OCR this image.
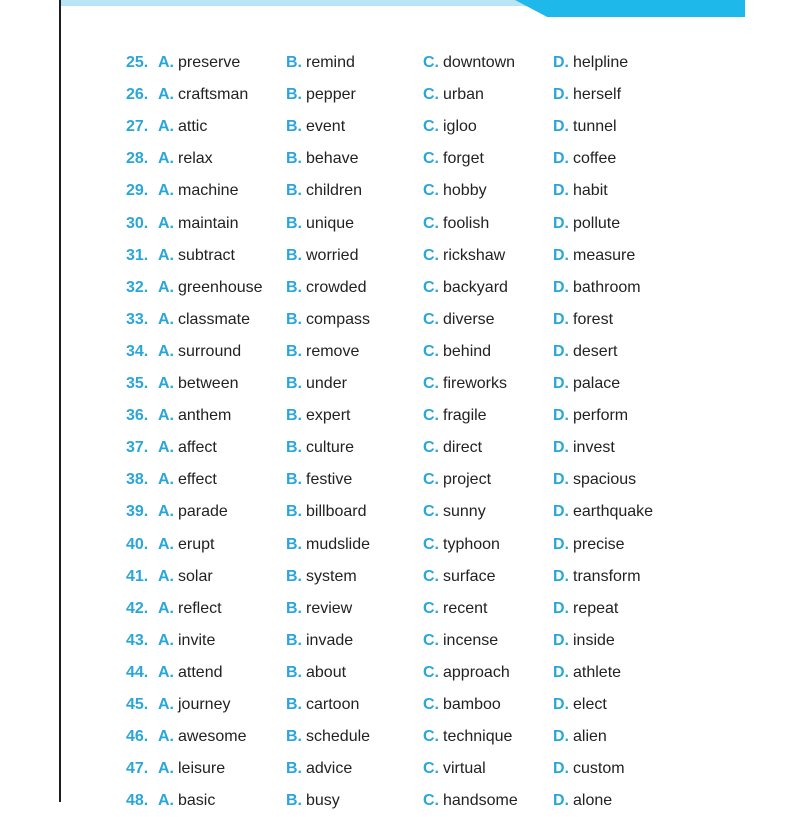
25. A. preserve	B. remind	C. downtown D. helpline
26. A. craftsman B. pepper	C. urban	D. herself
27. A. attic	B. event	C. igloo	D. tunnel
28. A. relax	B. behave	C. forget	D. coffee
29. A. machine	B. children	C. hobby	D. habit
30. A. maintain	B. unique	C. foolish	D. pollute
31. A. subtract	B. worried	C. rickshaw	D. measure
32. A. greenhouse B. crowded	C. backyard	D. bathroom
33. A. classmate B. compass	C. diverse	D. forest
34. A. surround	B. remove	C. behind	D. desert
35. A. between	B. under	C. fireworks	D. palace
36. A. anthem	B. expert	C. fragile	D. perform
37. A. affect	B. culture	C. direct	D. invest
38. A. effect	B. festive	C. project	D. spacious
39. A. parade	B. billboard	C. sunny	D. earthquake
40. A. erupt	B. mudslide	C. typhoon	D. precise
41. A. solar	B. system	C. surface	D. transform
42. A. reflect	B. review	C. recent	D. repeat
43. A. invite	B. invade	C. incense	D. inside
44. A. attend	B. about	C. approach	D. athlete
45. A. journey	B. cartoon	C. bamboo	D. elect
46. A. awesome B. schedule	C. technique	D. alien
47. A. leisure	B. advice	C. virtual	D. custom
48. A. basic	B. busy	C. handsome D. alone
